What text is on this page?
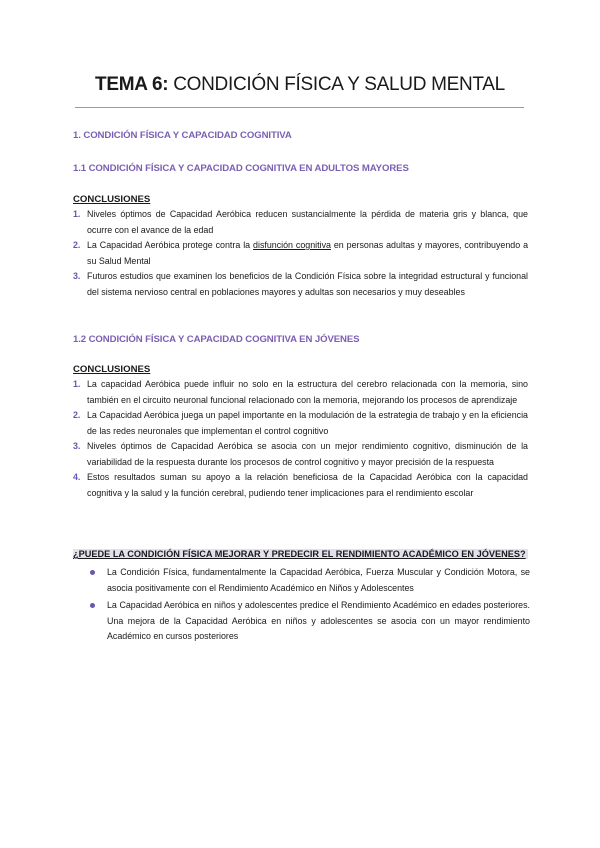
TEMA 6: CONDICIÓN FÍSICA Y SALUD MENTAL
1. CONDICIÓN FÍSICA Y CAPACIDAD COGNITIVA
1.1 CONDICIÓN FÍSICA Y CAPACIDAD COGNITIVA EN ADULTOS MAYORES
CONCLUSIONES
1. Niveles óptimos de Capacidad Aeróbica reducen sustancialmente la pérdida de materia gris y blanca, que ocurre con el avance de la edad
2. La Capacidad Aeróbica protege contra la disfunción cognitiva en personas adultas y mayores, contribuyendo a su Salud Mental
3. Futuros estudios que examinen los beneficios de la Condición Física sobre la integridad estructural y funcional del sistema nervioso central en poblaciones mayores y adultas son necesarios y muy deseables
1.2 CONDICIÓN FÍSICA Y CAPACIDAD COGNITIVA EN JÓVENES
CONCLUSIONES
1. La capacidad Aeróbica puede influir no solo en la estructura del cerebro relacionada con la memoria, sino también en el circuito neuronal funcional relacionado con la memoria, mejorando los procesos de aprendizaje
2. La Capacidad Aeróbica juega un papel importante en la modulación de la estrategia de trabajo y en la eficiencia de las redes neuronales que implementan el control cognitivo
3. Niveles óptimos de Capacidad Aeróbica se asocia con un mejor rendimiento cognitivo, disminución de la variabilidad de la respuesta durante los procesos de control cognitivo y mayor precisión de la respuesta
4. Estos resultados suman su apoyo a la relación beneficiosa de la Capacidad Aeróbica con la capacidad cognitiva y la salud y la función cerebral, pudiendo tener implicaciones para el rendimiento escolar
¿PUEDE LA CONDICIÓN FÍSICA MEJORAR Y PREDECIR EL RENDIMIENTO ACADÉMICO EN JÓVENES?
La Condición Física, fundamentalmente la Capacidad Aeróbica, Fuerza Muscular y Condición Motora, se asocia positivamente con el Rendimiento Académico en Niños y Adolescentes
La Capacidad Aeróbica en niños y adolescentes predice el Rendimiento Académico en edades posteriores. Una mejora de la Capacidad Aeróbica en niños y adolescentes se asocia con un mayor rendimiento Académico en cursos posteriores
